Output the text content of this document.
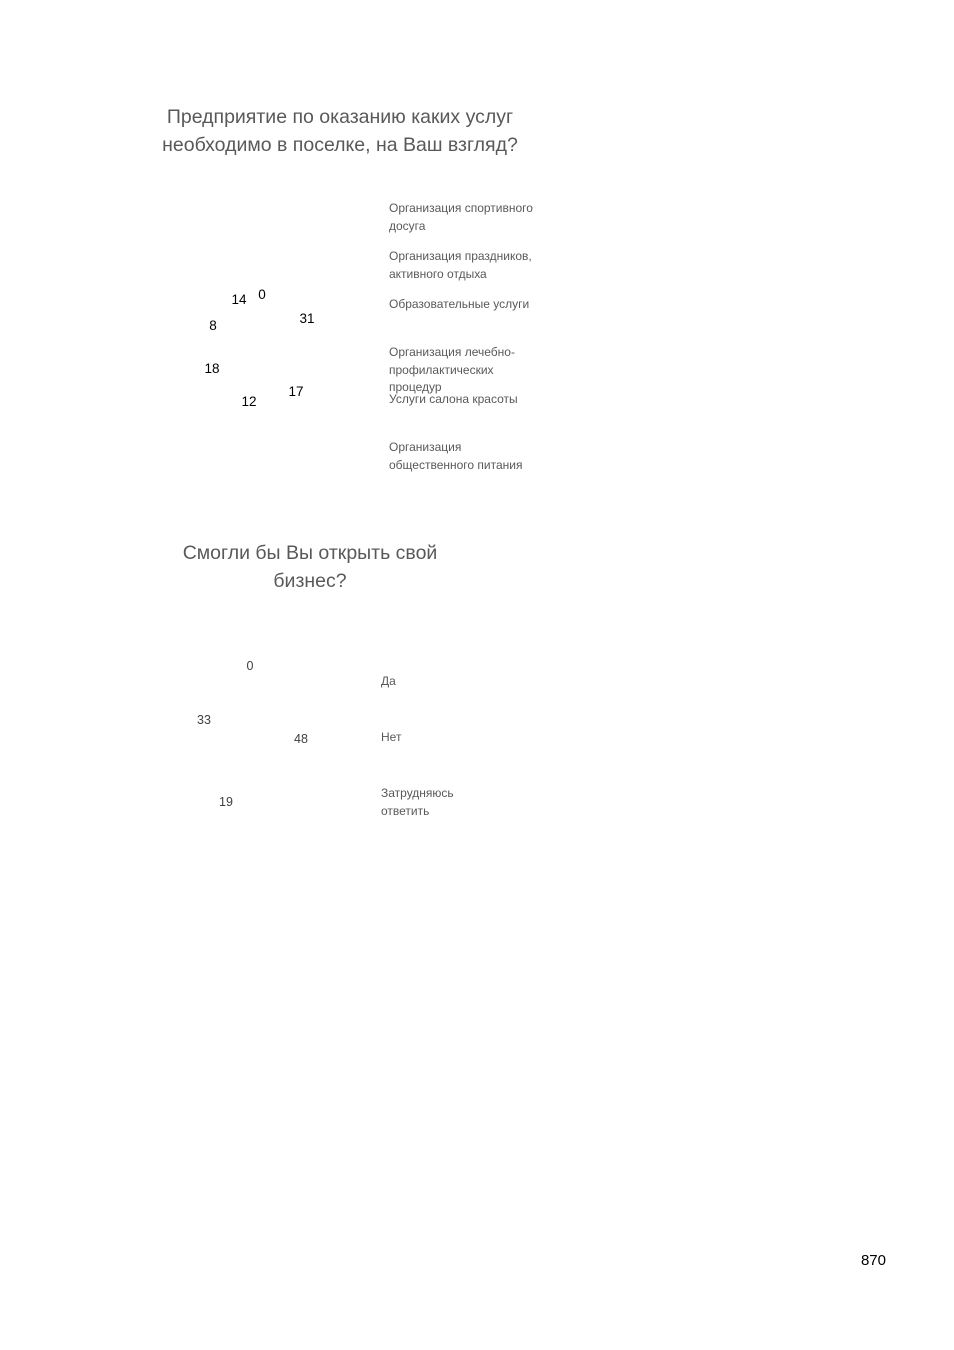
Предприятие по оказанию каких услуг необходимо в поселке, на Ваш взгляд?
0
31
17
12
18
8
14
Организация спортивного досуга
Организация праздников, активного отдыха
Образовательные услуги
Организация лечебно-профилактических процедур
Услуги салона красоты
Организация общественного питания
Смогли бы Вы открыть свой бизнес?
0
48
19
33
Да
Нет
Затрудняюсь ответить
870
